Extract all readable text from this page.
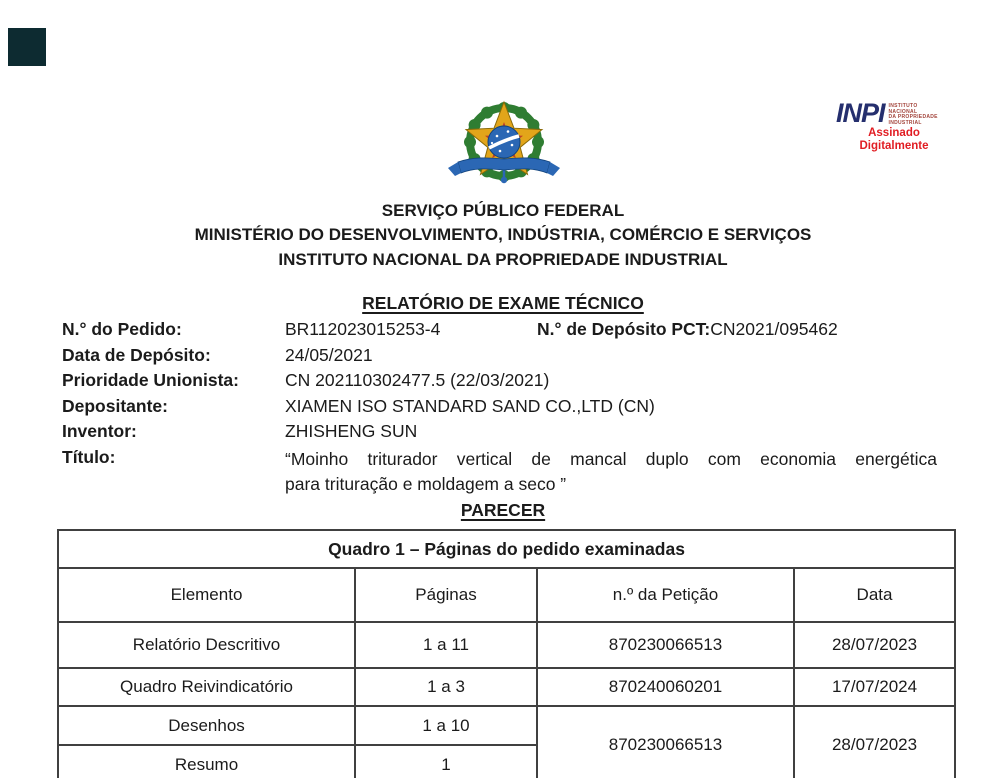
INPI INSTITUTO
NACIONAL
DA PROPRIEDADE
INDUSTRIAL
Assinado
Digitalmente
SERVIÇO PÚBLICO FEDERAL
MINISTÉRIO DO DESENVOLVIMENTO, INDÚSTRIA, COMÉRCIO E SERVIÇOS
INSTITUTO NACIONAL DA PROPRIEDADE INDUSTRIAL
RELATÓRIO DE EXAME TÉCNICO
N.° do Pedido:	BR112023015253-4	N.° de Depósito PCT:CN2021/095462
Data de Depósito:	24/05/2021
Prioridade Unionista:	CN 202110302477.5 (22/03/2021)
Depositante:	XIAMEN ISO STANDARD SAND CO.,LTD (CN)
Inventor:	ZHISHENG SUN
Título:	“Moinho triturador vertical de mancal duplo com economia energética
para trituração e moldagem a seco ”
PARECER
Quadro 1 – Páginas do pedido examinadas			
Elemento	Páginas	n.º da Petição	Data
Relatório Descritivo	1 a 11	870230066513	28/07/2023
Quadro Reivindicatório	1 a 3	870240060201	17/07/2024
Desenhos	1 a 10	870230066513	28/07/2023
Resumo	1		
